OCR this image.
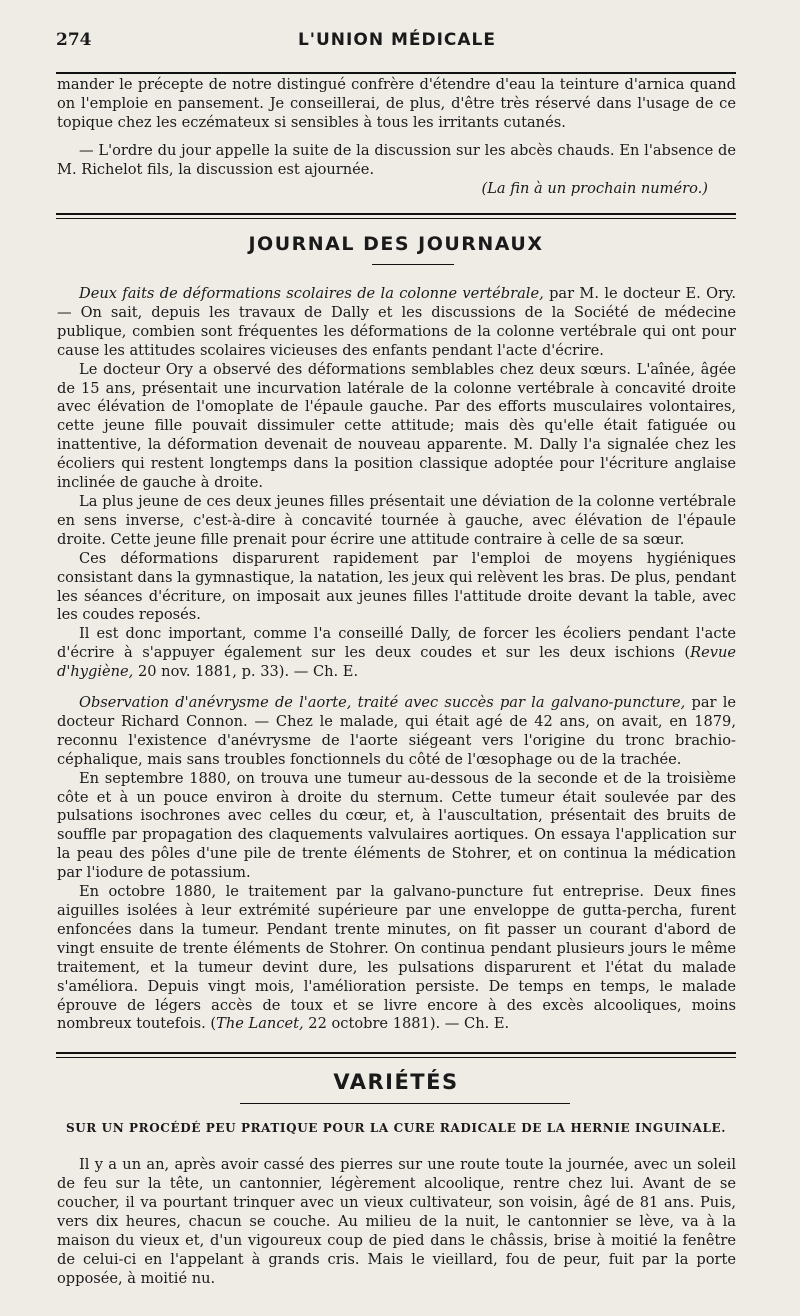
274	L'UNION MÉDICALE

mander le précepte de notre distingué confrère d'étendre d'eau la teinture d'arnica quand on l'emploie en pansement. Je conseillerai, de plus, d'être très réservé dans l'usage de ce topique chez les eczémateux si sensibles à tous les irritants cutanés.

— L'ordre du jour appelle la suite de la discussion sur les abcès chauds. En l'absence de M. Richelot fils, la discussion est ajournée.

(La fin à un prochain numéro.)

JOURNAL DES JOURNAUX

Deux faits de déformations scolaires de la colonne vertébrale, par M. le docteur E. Ory. — On sait, depuis les travaux de Dally et les discussions de la Société de médecine publique, combien sont fréquentes les déformations de la colonne vertébrale qui ont pour cause les attitudes scolaires vicieuses des enfants pendant l'acte d'écrire.

Le docteur Ory a observé des déformations semblables chez deux sœurs. L'aînée, âgée de 15 ans, présentait une incurvation latérale de la colonne vertébrale à concavité droite avec élévation de l'omoplate de l'épaule gauche. Par des efforts musculaires volontaires, cette jeune fille pouvait dissimuler cette attitude; mais dès qu'elle était fatiguée ou inattentive, la déformation devenait de nouveau apparente. M. Dally l'a signalée chez les écoliers qui restent longtemps dans la position classique adoptée pour l'écriture anglaise inclinée de gauche à droite.

La plus jeune de ces deux jeunes filles présentait une déviation de la colonne vertébrale en sens inverse, c'est-à-dire à concavité tournée à gauche, avec élévation de l'épaule droite. Cette jeune fille prenait pour écrire une attitude contraire à celle de sa sœur.

Ces déformations disparurent rapidement par l'emploi de moyens hygiéniques consistant dans la gymnastique, la natation, les jeux qui relèvent les bras. De plus, pendant les séances d'écriture, on imposait aux jeunes filles l'attitude droite devant la table, avec les coudes reposés.

Il est donc important, comme l'a conseillé Dally, de forcer les écoliers pendant l'acte d'écrire à s'appuyer également sur les deux coudes et sur les deux ischions (Revue d'hygiène, 20 nov. 1881, p. 33). — Ch. E.

Observation d'anévrysme de l'aorte, traité avec succès par la galvano-puncture, par le docteur Richard Connon. — Chez le malade, qui était agé de 42 ans, on avait, en 1879, reconnu l'existence d'anévrysme de l'aorte siégeant vers l'origine du tronc brachio-céphalique, mais sans troubles fonctionnels du côté de l'œsophage ou de la trachée.

En septembre 1880, on trouva une tumeur au-dessous de la seconde et de la troisième côte et à un pouce environ à droite du sternum. Cette tumeur était soulevée par des pulsations isochrones avec celles du cœur, et, à l'auscultation, présentait des bruits de souffle par propagation des claquements valvulaires aortiques. On essaya l'application sur la peau des pôles d'une pile de trente éléments de Stohrer, et on continua la médication par l'iodure de potassium.

En octobre 1880, le traitement par la galvano-puncture fut entreprise. Deux fines aiguilles isolées à leur extrémité supérieure par une enveloppe de gutta-percha, furent enfoncées dans la tumeur. Pendant trente minutes, on fit passer un courant d'abord de vingt ensuite de trente éléments de Stohrer. On continua pendant plusieurs jours le même traitement, et la tumeur devint dure, les pulsations disparurent et l'état du malade s'améliora. Depuis vingt mois, l'amélioration persiste. De temps en temps, le malade éprouve de légers accès de toux et se livre encore à des excès alcooliques, moins nombreux toutefois. (The Lancet, 22 octobre 1881). — Ch. E.

VARIÉTÉS
SUR UN PROCÉDÉ PEU PRATIQUE POUR LA CURE RADICALE DE LA HERNIE INGUINALE.

Il y a un an, après avoir cassé des pierres sur une route toute la journée, avec un soleil de feu sur la tête, un cantonnier, légèrement alcoolique, rentre chez lui. Avant de se coucher, il va pourtant trinquer avec un vieux cultivateur, son voisin, âgé de 81 ans. Puis, vers dix heures, chacun se couche. Au milieu de la nuit, le cantonnier se lève, va à la maison du vieux et, d'un vigoureux coup de pied dans le châssis, brise à moitié la fenêtre de celui-ci en l'appelant à grands cris. Mais le vieillard, fou de peur, fuit par la porte opposée, à moitié nu.
